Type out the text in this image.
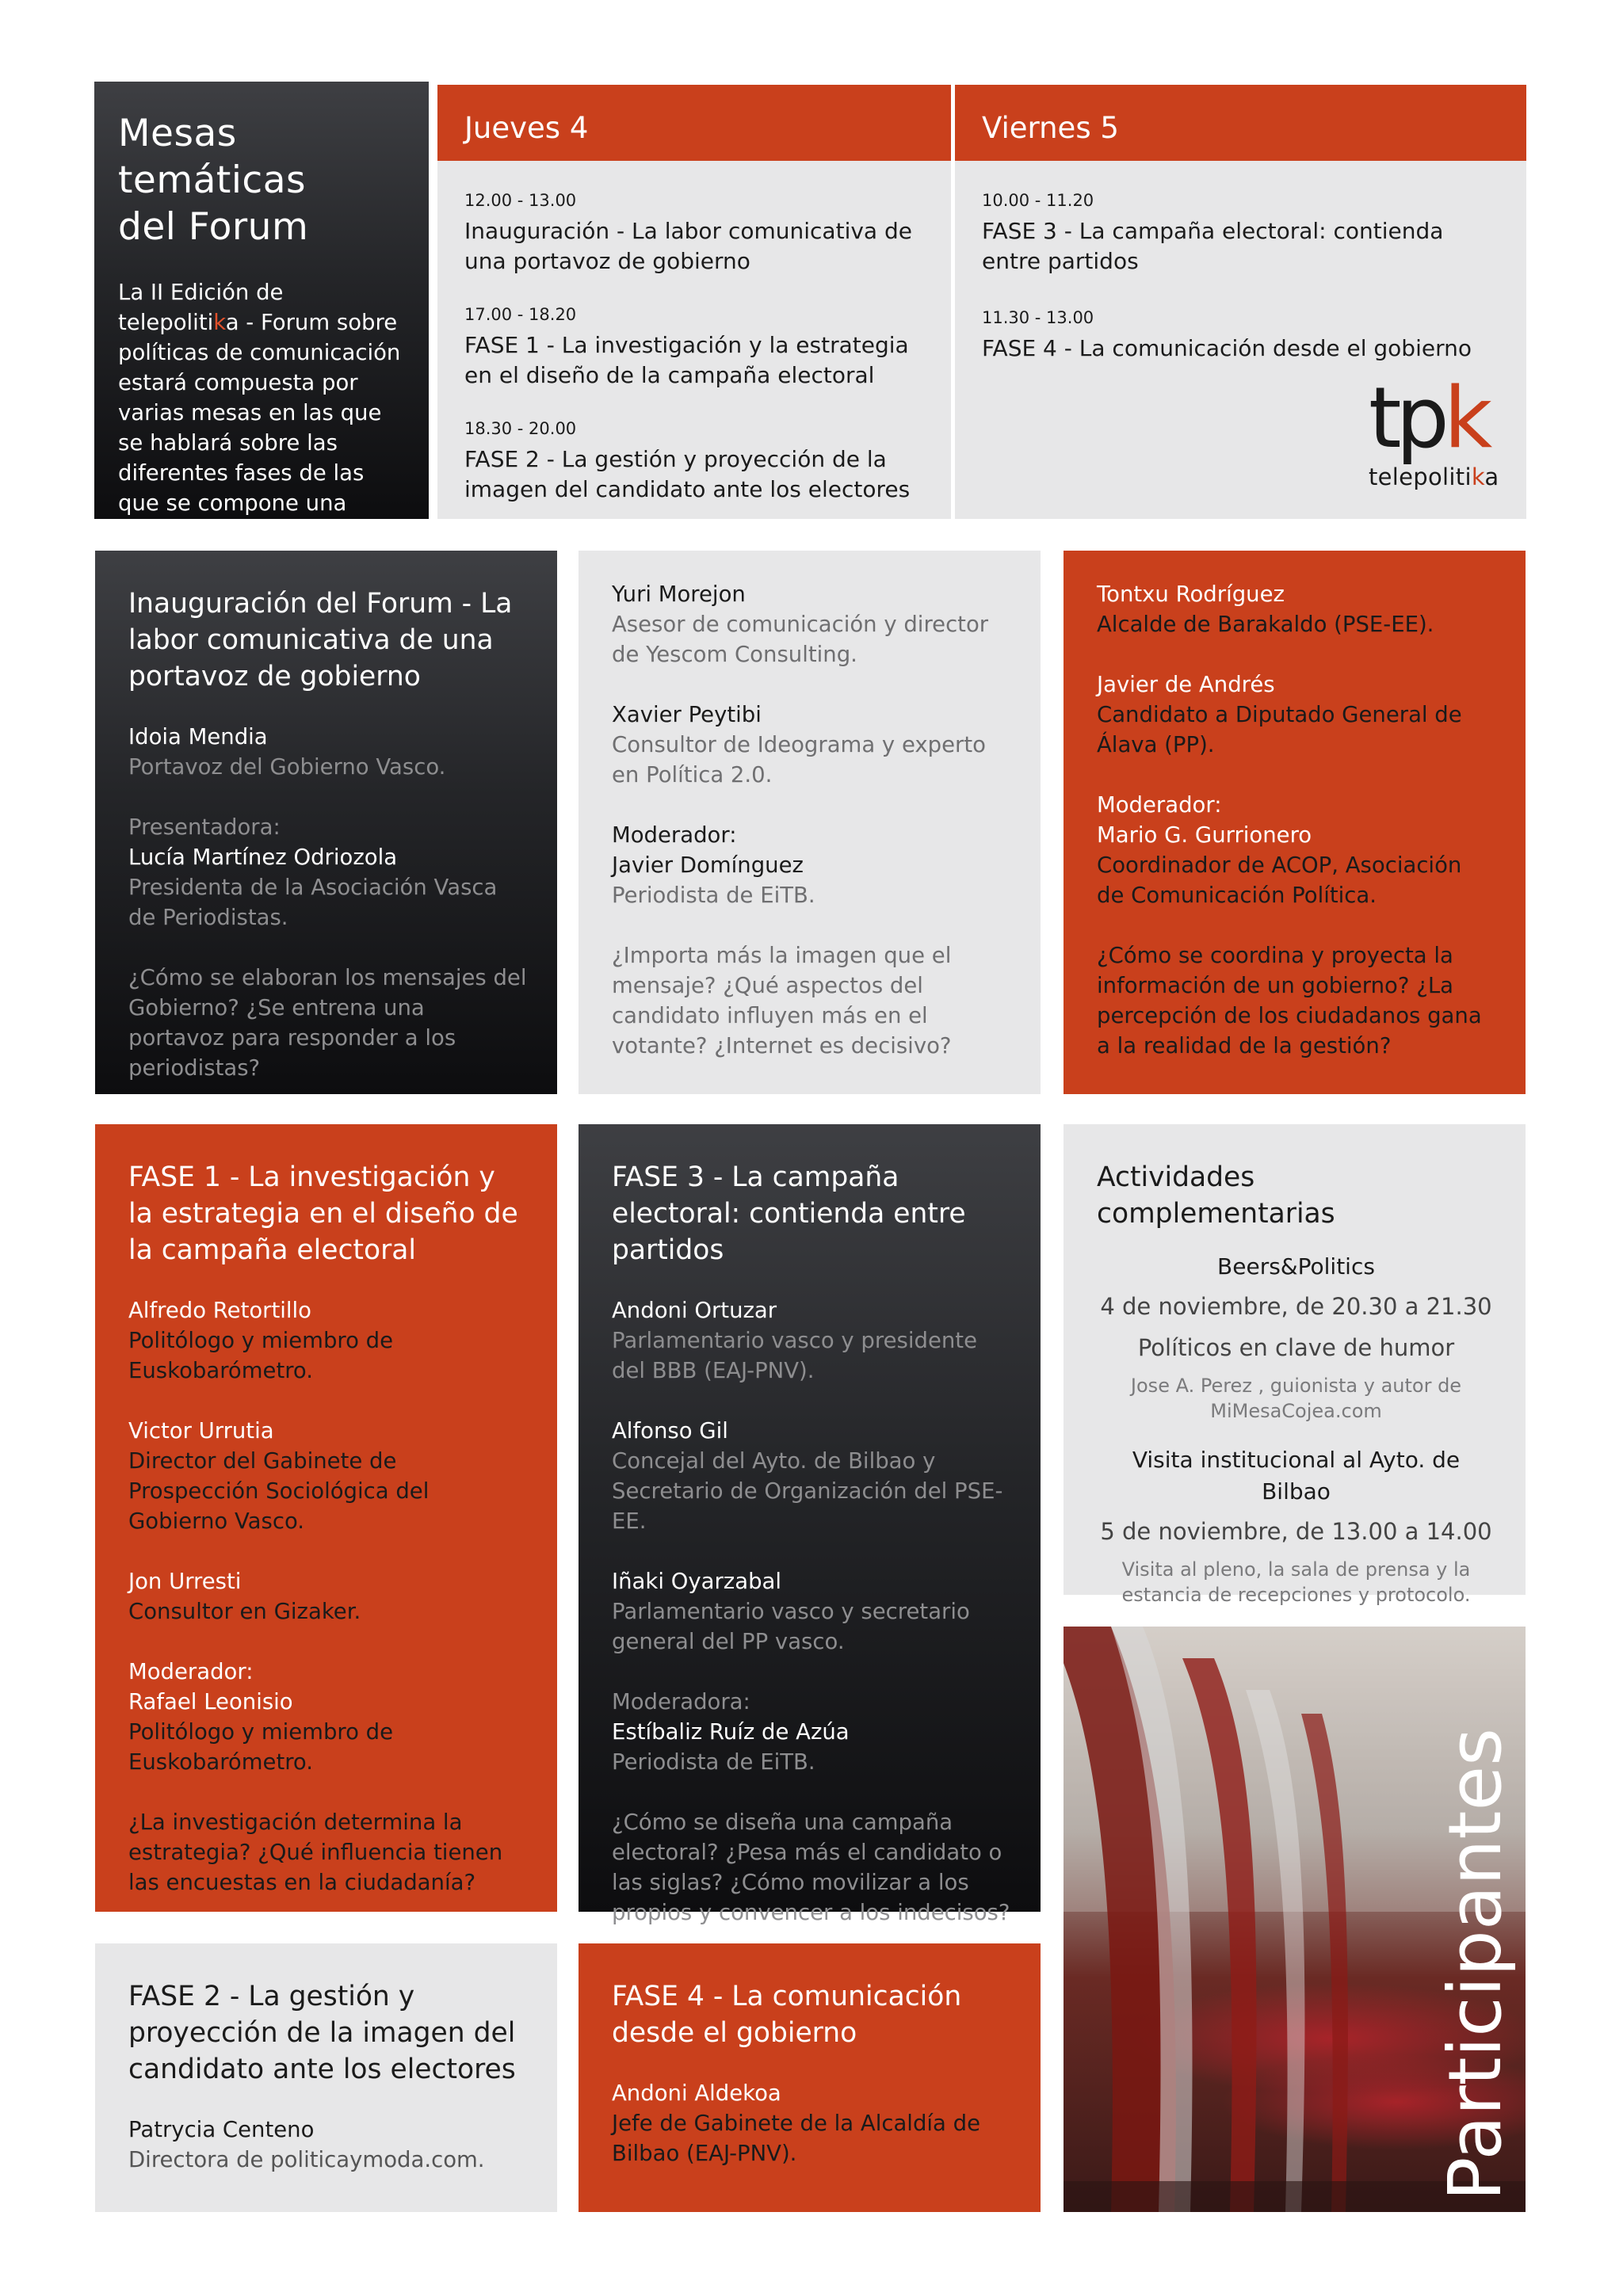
Mesas temáticas
del Forum

La II Edición de telepolitika - Forum sobre políticas de comunicación estará compuesta por varias mesas en las que se hablará sobre las diferentes fases de las que se compone una campaña electoral

Jueves 4	Viernes 5

12.00 - 13.00

Inauguración - La labor comunicativa de una portavoz de gobierno

17.00 - 18.20

FASE 1 - La investigación y la estrategia en el diseño de la campaña electoral

18.30 - 20.00

FASE 2 - La gestión y proyección de la imagen del candidato ante los electores

10.00 - 11.20

FASE 3 - La campaña electoral: contienda entre partidos

11.30 - 13.00

FASE 4 - La comunicación desde el gobierno

tpk
telepolitika

Inauguración del Forum - La labor comunicativa de una portavoz de gobierno

Idoia Mendia

Portavoz del Gobierno Vasco.

Presentadora:

Lucía Martínez Odriozola

Presidenta de la Asociación Vasca de Periodistas.

¿Cómo se elaboran los mensajes del Gobierno? ¿Se entrena una portavoz para responder a los periodistas?

Yuri Morejon

Asesor de comunicación y director de Yescom Consulting.

Xavier Peytibi

Consultor de Ideograma y experto en Política 2.0.

Moderador:

Javier Domínguez

Periodista de EiTB.

¿Importa más la imagen que el mensaje? ¿Qué aspectos del candidato influyen más en el votante? ¿Internet es decisivo?

Tontxu Rodríguez

Alcalde de Barakaldo (PSE-EE).

Javier de Andrés

Candidato a Diputado General de Álava (PP).

Moderador:

Mario G. Gurrionero

Coordinador de ACOP, Asociación de Comunicación Política.

¿Cómo se coordina y proyecta la información de un gobierno? ¿La percepción de los ciudadanos gana a la realidad de la gestión?

FASE 1 - La investigación y la estrategia en el diseño de la campaña electoral

Alfredo Retortillo

Politólogo y miembro de Euskobarómetro.

Victor Urrutia

Director del Gabinete de Prospección Sociológica del Gobierno Vasco.

Jon Urresti

Consultor en Gizaker.

Moderador:

Rafael Leonisio

Politólogo y miembro de Euskobarómetro.

¿La investigación determina la estrategia? ¿Qué influencia tienen las encuestas en la ciudadanía?

FASE 3 - La campaña electoral: contienda entre partidos

Andoni Ortuzar

Parlamentario vasco y presidente del BBB (EAJ-PNV).

Alfonso Gil

Concejal del Ayto. de Bilbao y Secretario de Organización del PSE-EE.

Iñaki Oyarzabal

Parlamentario vasco y secretario general del PP vasco.

Moderadora:

Estíbaliz Ruíz de Azúa

Periodista de EiTB.

¿Cómo se diseña una campaña electoral? ¿Pesa más el candidato o las siglas? ¿Cómo movilizar a los propios y convencer a los indecisos?

Actividades complementarias

Beers&Politics

4 de noviembre, de 20.30 a 21.30

Políticos en clave de humor

Jose A. Perez , guionista y autor de MiMesaCojea.com

Visita institucional al Ayto. de Bilbao

5 de noviembre, de 13.00 a 14.00

Visita al pleno, la sala de prensa y la estancia de recepciones y protocolo.

FASE 2 - La gestión y proyección de la imagen del candidato ante los electores

Patrycia Centeno

Directora de politicaymoda.com.

FASE 4 - La comunicación desde el gobierno

Andoni Aldekoa

Jefe de Gabinete de la Alcaldía de Bilbao (EAJ-PNV).	Participantes
